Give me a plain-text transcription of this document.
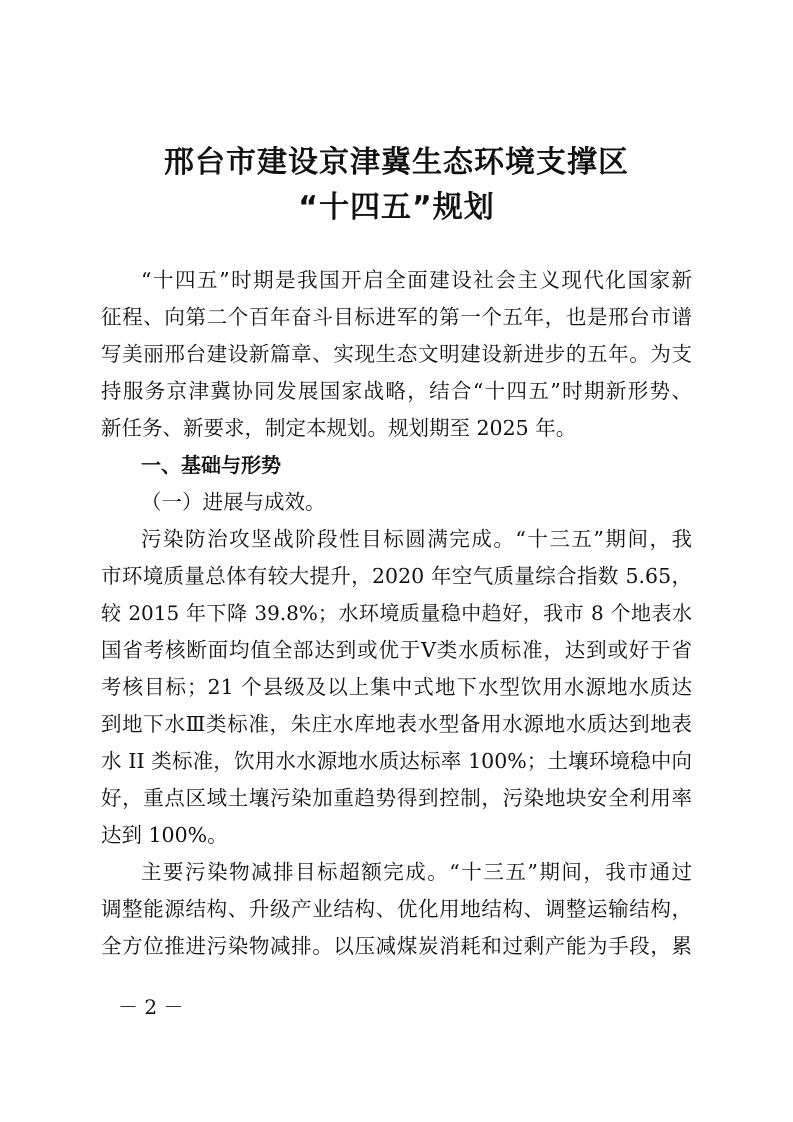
邢台市建设京津冀生态环境支撑区
“十四五”规划
“十四五”时期是我国开启全面建设社会主义现代化国家新
征程、向第二个百年奋斗目标进军的第一个五年，也是邢台市谱
写美丽邢台建设新篇章、实现生态文明建设新进步的五年。为支
持服务京津冀协同发展国家战略，结合“十四五”时期新形势、
新任务、新要求，制定本规划。规划期至 2025 年。
一、基础与形势
（一）进展与成效。
污染防治攻坚战阶段性目标圆满完成。“十三五”期间，我
市环境质量总体有较大提升，2020 年空气质量综合指数 5.65，
较 2015 年下降 39.8%；水环境质量稳中趋好，我市 8 个地表水
国省考核断面均值全部达到或优于Ⅴ类水质标准，达到或好于省
考核目标；21 个县级及以上集中式地下水型饮用水源地水质达
到地下水Ⅲ类标准，朱庄水库地表水型备用水源地水质达到地表
水 II 类标准，饮用水水源地水质达标率 100%；土壤环境稳中向
好，重点区域土壤污染加重趋势得到控制，污染地块安全利用率
达到 100%。
主要污染物减排目标超额完成。“十三五”期间，我市通过
调整能源结构、升级产业结构、优化用地结构、调整运输结构，
全方位推进污染物减排。以压减煤炭消耗和过剩产能为手段，累
－ 2 －
